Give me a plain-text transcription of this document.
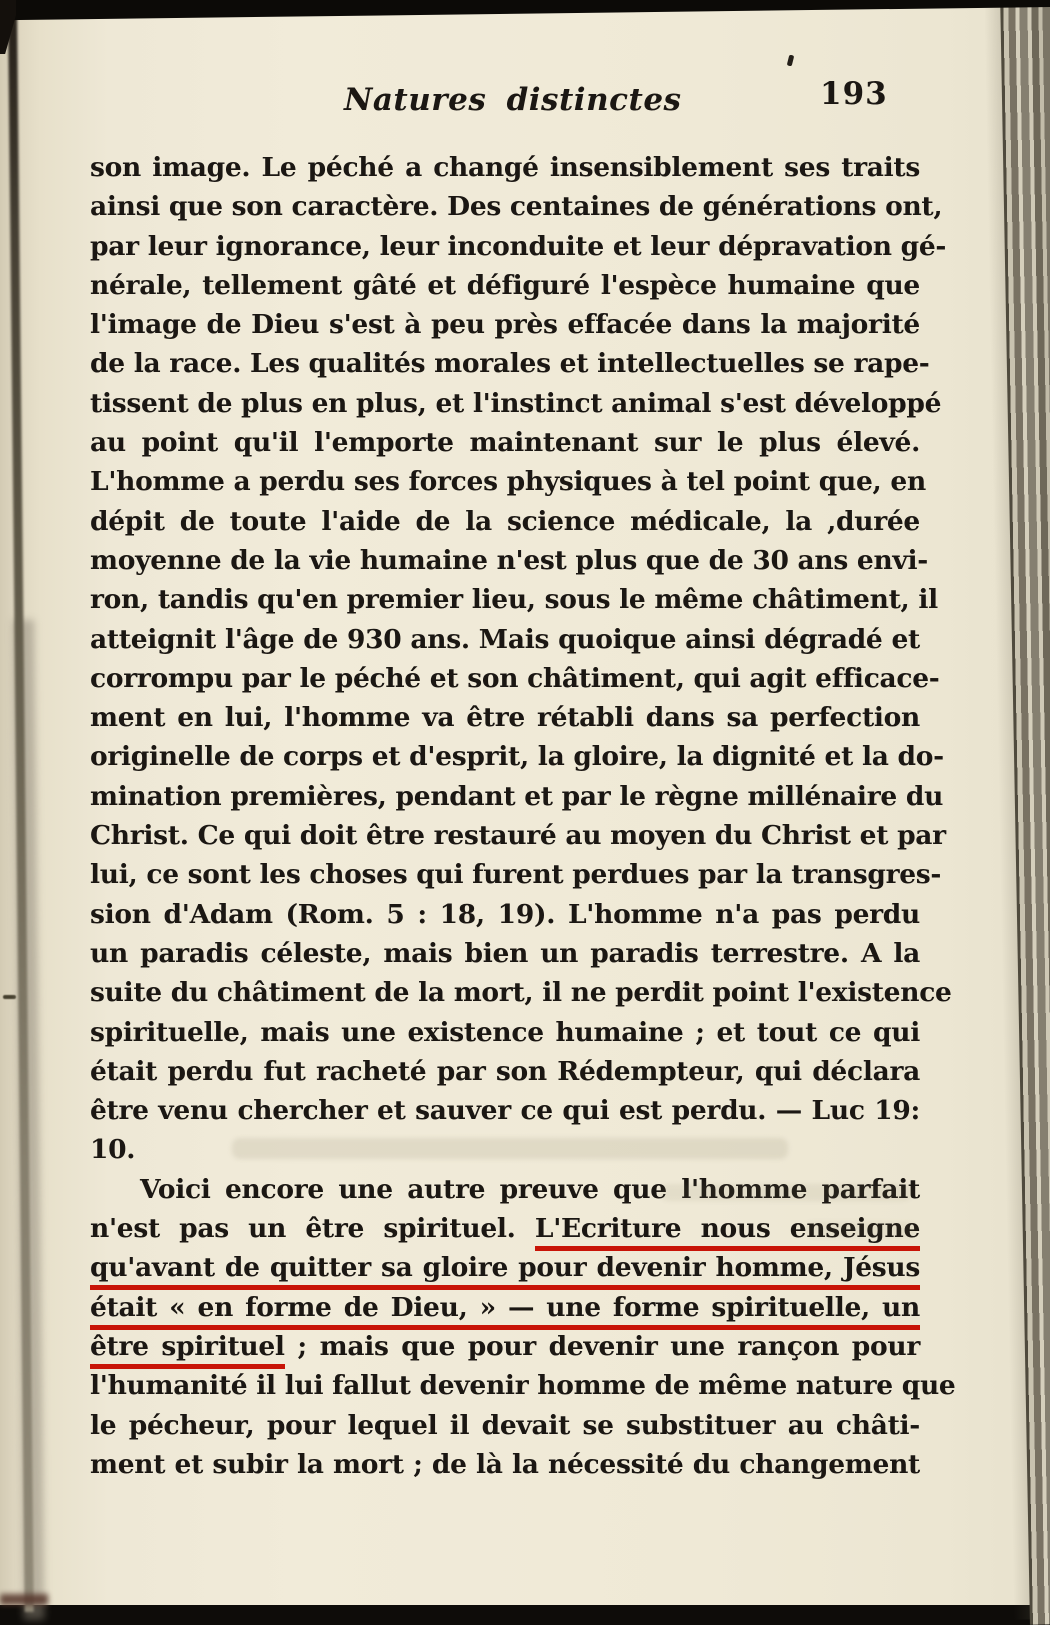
Natures distinctes	193
son image. Le péché a changé insensiblement ses traits
ainsi que son caractère. Des centaines de générations ont,
par leur ignorance, leur inconduite et leur dépravation gé-
nérale, tellement gâté et défiguré l'espèce humaine que
l'image de Dieu s'est à peu près effacée dans la majorité
de la race. Les qualités morales et intellectuelles se rape-
tissent de plus en plus, et l'instinct animal s'est développé
au point qu'il l'emporte maintenant sur le plus élevé.
L'homme a perdu ses forces physiques à tel point que, en
dépit de toute l'aide de la science médicale, la ,durée
moyenne de la vie humaine n'est plus que de 30 ans envi-
ron, tandis qu'en premier lieu, sous le même châtiment, il
atteignit l'âge de 930 ans. Mais quoique ainsi dégradé et
corrompu par le péché et son châtiment, qui agit efficace-
ment en lui, l'homme va être rétabli dans sa perfection
originelle de corps et d'esprit, la gloire, la dignité et la do-
mination premières, pendant et par le règne millénaire du
Christ. Ce qui doit être restauré au moyen du Christ et par
lui, ce sont les choses qui furent perdues par la transgres-
sion d'Adam (Rom. 5 : 18, 19). L'homme n'a pas perdu
un paradis céleste, mais bien un paradis terrestre. A la
suite du châtiment de la mort, il ne perdit point l'existence
spirituelle, mais une existence humaine ; et tout ce qui
était perdu fut racheté par son Rédempteur, qui déclara
être venu chercher et sauver ce qui est perdu. — Luc 19:
10.
Voici encore une autre preuve que l'homme parfait
n'est pas un être spirituel. L'Ecriture nous enseigne
qu'avant de quitter sa gloire pour devenir homme, Jésus
était « en forme de Dieu, » — une forme spirituelle, un
être spirituel ; mais que pour devenir une rançon pour
l'humanité il lui fallut devenir homme de même nature que
le pécheur, pour lequel il devait se substituer au châti-
ment et subir la mort ; de là la nécessité du changement
